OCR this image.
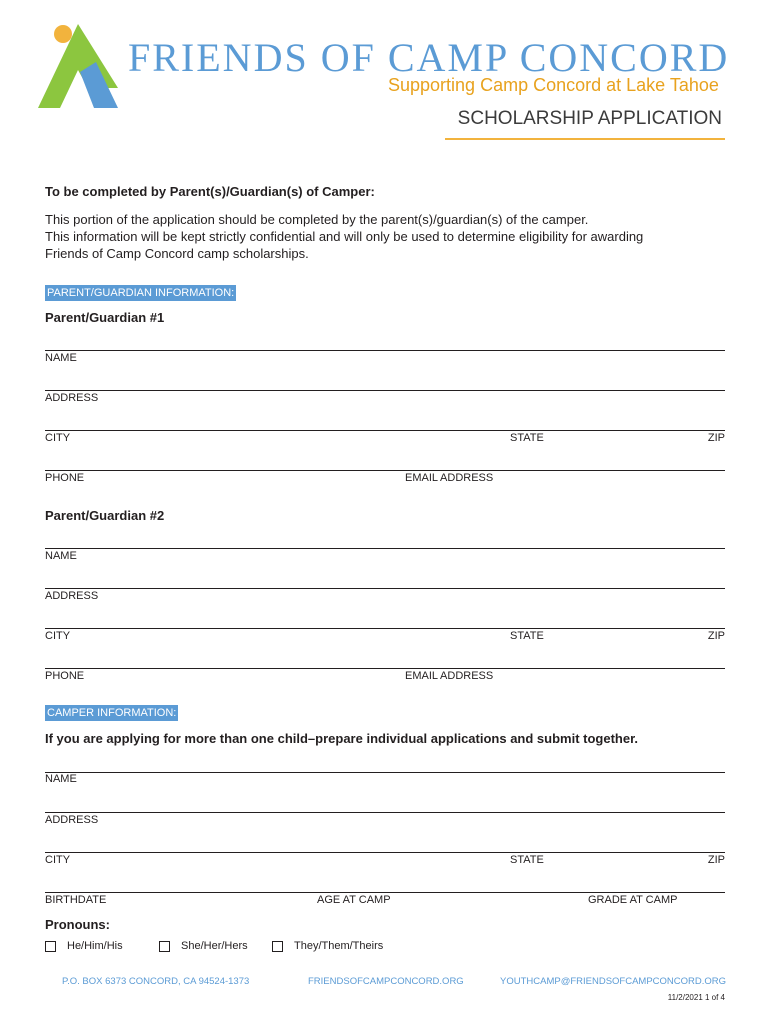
FRIENDS OF CAMP CONCORD
Supporting Camp Concord at Lake Tahoe
SCHOLARSHIP APPLICATION
To be completed by Parent(s)/Guardian(s) of Camper:
This portion of the application should be completed by the parent(s)/guardian(s) of the camper.
This information will be kept strictly confidential and will only be used to determine eligibility for awarding
Friends of Camp Concord camp scholarships.
PARENT/GUARDIAN INFORMATION:
Parent/Guardian #1
NAME
ADDRESS
CITY	STATE	ZIP
PHONE	EMAIL ADDRESS
Parent/Guardian #2
NAME
ADDRESS
CITY	STATE	ZIP
PHONE	EMAIL ADDRESS
CAMPER INFORMATION:
If you are applying for more than one child–prepare individual applications and submit together.
NAME
ADDRESS
CITY	STATE	ZIP
BIRTHDATE	AGE AT CAMP	GRADE AT CAMP
Pronouns:
He/Him/His	She/Her/Hers	They/Them/Theirs
P.O. BOX 6373 CONCORD, CA 94524-1373	FRIENDSOFCAMPCONCORD.ORG	YOUTHCAMP@FRIENDSOFCAMPCONCORD.ORG
11/2/2021 1 of 4
